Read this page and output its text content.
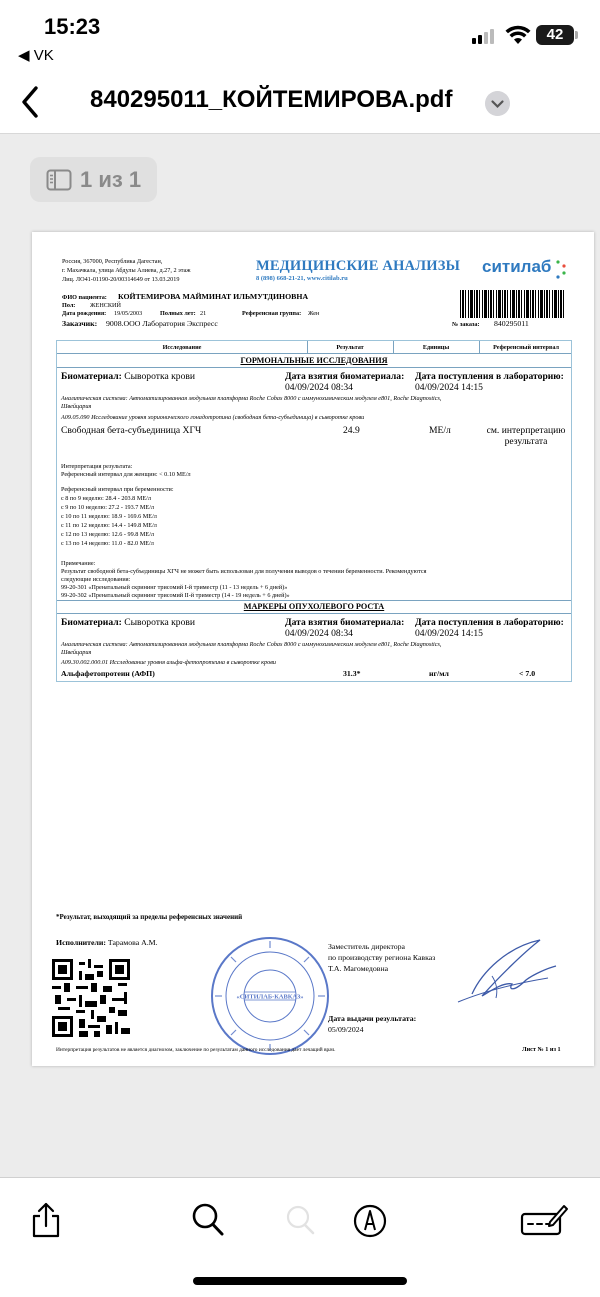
15:23
◀ VK
42
840295011_КОЙТЕМИРОВА.pdf
1 из 1
Россия, 367000, Республика Дагестан,
г. Махачкала, улица Абдулы Алиева, д.27, 2 этаж
Лиц. ЛО41-01190-20/00314649 от 13.03.2019
МЕДИЦИНСКИЕ АНАЛИЗЫ
8 (898) 668-21-21, www.citilab.ru
ситилаб
ФИО пациента: КОЙТЕМИРОВА МАЙМИНАТ ИЛЬМУТДИНОВНА
Пол: ЖЕНСКИЙ
Дата рождения: 19/05/2003	Полных лет: 21	Референсная группа: Жен
Заказчик: 9008.ООО Лаборатория Экспресс	№ заказа: 840295011
Исследование	Результат	Единицы	Референсный интервал
ГОРМОНАЛЬНЫЕ ИССЛЕДОВАНИЯ
Биоматериал: Сыворотка крови	Дата взятия биоматериала:
04/09/2024 08:34
Дата поступления в лабораторию:
04/09/2024 14:15
Аналитическая система: Автоматизированная модульная платформа Roche Cobas 8000 с иммунохимическим модулем е801, Roche Diagnostics,
Швейцария
А09.05.090 Исследование уровня хорионического гонадотропина (свободная бета-субъединица) в сыворотке крови
Свободная бета-субъединица ХГЧ	24.9	МЕ/л	см. интерпретацию
результата
Интерпретация результата:
Референсный интервал для женщин: < 0.10 МЕ/л
Референсный интервал при беременности:
с 8 по 9 неделю: 28.4 - 203.8 МЕ/л
с 9 по 10 неделю: 27.2 - 193.7 МЕ/л
с 10 по 11 неделю: 18.9 - 169.6 МЕ/л
с 11 по 12 неделю: 14.4 - 149.8 МЕ/л
с 12 по 13 неделю: 12.6 - 99.8 МЕ/л
с 13 по 14 неделю: 11.0 - 82.0 МЕ/л
Примечание:
Результат свободной бета-субъединицы ХГЧ не может быть использован для получения выводов о течении беременности. Рекомендуются
следующие исследования:
99-20-301 «Пренатальный скрининг трисомий I-й триместр (11 - 13 недель + 6 дней)»
99-20-302 «Пренатальный скрининг трисомий II-й триместр (14 - 19 недель + 6 дней)»
МАРКЕРЫ ОПУХОЛЕВОГО РОСТА
Биоматериал: Сыворотка крови	Дата взятия биоматериала:
04/09/2024 08:34
Дата поступления в лабораторию:
04/09/2024 14:15
Аналитическая система: Автоматизированная модульная платформа Roche Cobas 8000 с иммунохимическим модулем е801, Roche Diagnostics,
Швейцария
А09.30.002.000.01 Исследование уровня альфа-фетопротеина в сыворотке крови
Альфафетопротеин (АФП)	31.3*	нг/мл	< 7.0
*Результат, выходящий за пределы референсных значений
Исполнители: Тарамова А.М.
«СИТИЛАБ-КАВКАЗ»
Заместитель директора
по производству региона Кавказ
Т.А. Магомедовна
Дата выдачи результата:
05/09/2024
Интерпретация результатов не является диагнозом, заключение по результатам данного исследования дает лечащий врач.	Лист № 1 из 1
